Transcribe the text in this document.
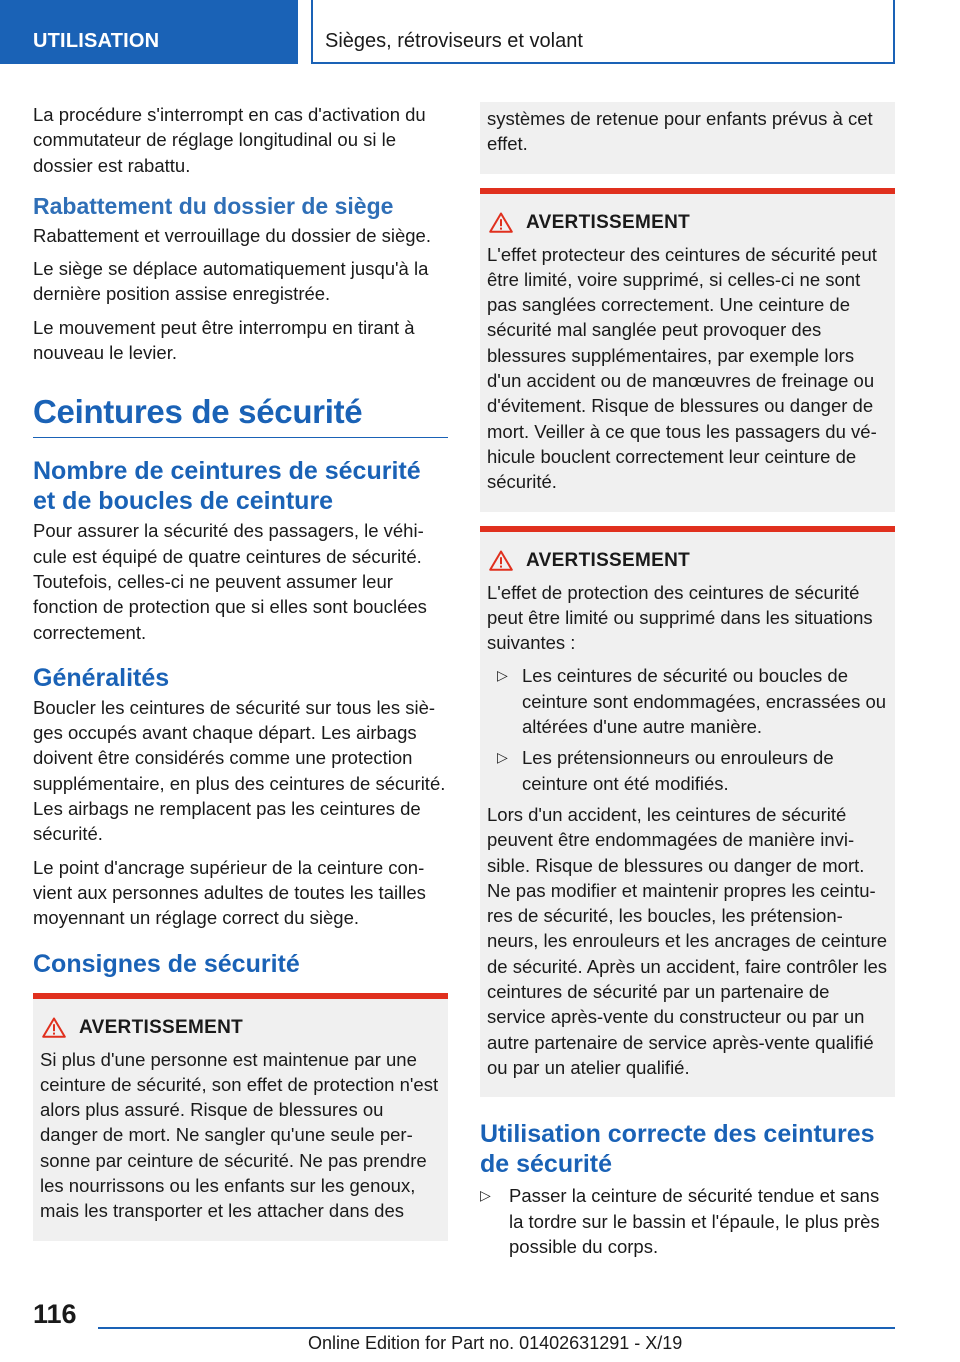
UTILISATION	Sièges, rétroviseurs et volant

La procédure s'interrompt en cas d'activation du commutateur de réglage longitudinal ou si le dossier est rabattu.

Rabattement du dossier de siège

Rabattement et verrouillage du dossier de siège.

Le siège se déplace automatiquement jusqu'à la dernière position assise enregistrée.

Le mouvement peut être interrompu en tirant à nouveau le levier.

Ceintures de sécurité
Nombre de ceintures de sécurité et de boucles de ceinture

Pour assurer la sécurité des passagers, le véhicule est équipé de quatre ceintures de sécurité. Toutefois, celles-ci ne peuvent assumer leur fonction de protection que si elles sont bouclées correctement.

Généralités

Boucler les ceintures de sécurité sur tous les sièges occupés avant chaque départ. Les airbags doivent être considérés comme une protection supplémentaire, en plus des ceintures de sécurité. Les airbags ne remplacent pas les ceintures de sécurité.

Le point d'ancrage supérieur de la ceinture convient aux personnes adultes de toutes les tailles moyennant un réglage correct du siège.

Consignes de sécurité
AVERTISSEMENT

Si plus d'une personne est maintenue par une ceinture de sécurité, son effet de protection n'est alors plus assuré. Risque de blessures ou danger de mort. Ne sangler qu'une seule personne par ceinture de sécurité. Ne pas prendre les nourrissons ou les enfants sur les genoux, mais les transporter et les attacher dans des

systèmes de retenue pour enfants prévus à cet effet.

AVERTISSEMENT

L'effet protecteur des ceintures de sécurité peut être limité, voire supprimé, si celles-ci ne sont pas sanglées correctement. Une ceinture de sécurité mal sanglée peut provoquer des blessures supplémentaires, par exemple lors d'un accident ou de manœuvres de freinage ou d'évitement. Risque de blessures ou danger de mort. Veiller à ce que tous les passagers du véhicule bouclent correctement leur ceinture de sécurité.

AVERTISSEMENT

L'effet de protection des ceintures de sécurité peut être limité ou supprimé dans les situations suivantes :

▷ Les ceintures de sécurité ou boucles de ceinture sont endommagées, encrassées ou altérées d'une autre manière.
▷ Les prétensionneurs ou enrouleurs de ceinture ont été modifiés.

Lors d'un accident, les ceintures de sécurité peuvent être endommagées de manière invisible. Risque de blessures ou danger de mort. Ne pas modifier et maintenir propres les ceintures de sécurité, les boucles, les prétensionneurs, les enrouleurs et les ancrages de ceinture de sécurité. Après un accident, faire contrôler les ceintures de sécurité par un partenaire de service après-vente du constructeur ou par un autre partenaire de service après-vente qualifié ou par un atelier qualifié.

Utilisation correcte des ceintures de sécurité
▷ Passer la ceinture de sécurité tendue et sans la tordre sur le bassin et l'épaule, le plus près possible du corps.
116
Online Edition for Part no. 01402631291 - X/19
